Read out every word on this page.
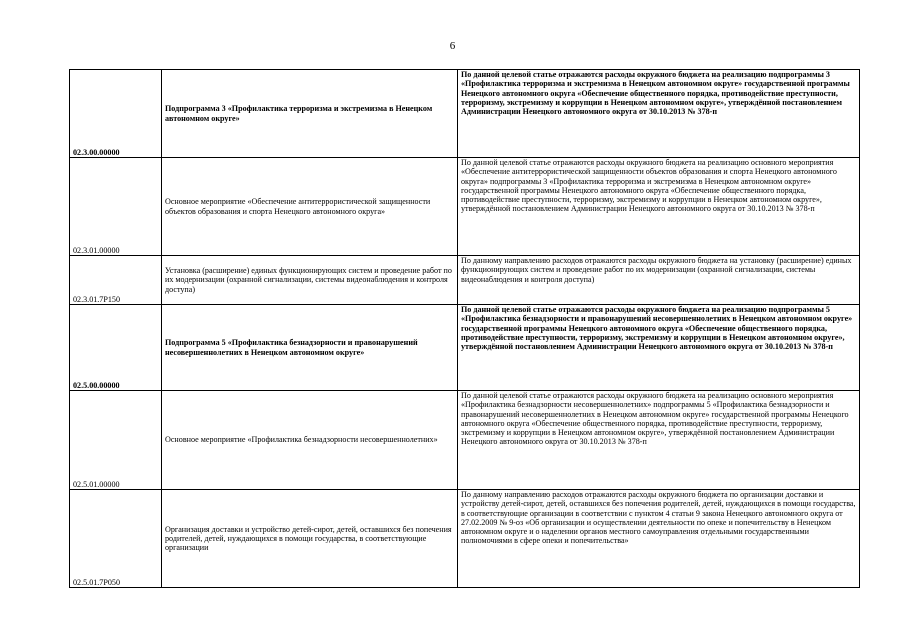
6
02.3.00.00000	Подпрограмма 3 «Профилактика терроризма и экстремизма в Ненецком автономном округе»	По данной целевой статье отражаются расходы окружного бюджета на реализацию подпрограммы 3 «Профилактика терроризма и экстремизма в Ненецком автономном округе» государственной программы Ненецкого автономного округа «Обеспечение общественного порядка, противодействие преступности, терроризму, экстремизму и коррупции в Ненецком автономном округе», утверждённой постановлением Администрации Ненецкого автономного округа от 30.10.2013 № 378-п
02.3.01.00000	Основное мероприятие «Обеспечение антитеррористической защищенности объектов образования и спорта Ненецкого автономного округа»	По данной целевой статье отражаются расходы окружного бюджета на реализацию основного мероприятия «Обеспечение антитеррористической защищенности объектов образования и спорта Ненецкого автономного округа» подпрограммы 3 «Профилактика терроризма и экстремизма в Ненецком автономном округе» государственной программы Ненецкого автономного округа «Обеспечение общественного порядка, противодействие преступности, терроризму, экстремизму и коррупции в Ненецком автономном округе», утверждённой постановлением Администрации Ненецкого автономного округа от 30.10.2013 № 378-п
02.3.01.7Р150	Установка (расширение) единых функционирующих систем и проведение работ по их модернизации (охранной сигнализации, системы видеонаблюдения и контроля доступа)	По данному направлению расходов отражаются расходы окружного бюджета на установку (расширение) единых функционирующих систем и проведение работ по их модернизации (охранной сигнализации, системы видеонаблюдения и контроля доступа)
02.5.00.00000	Подпрограмма 5 «Профилактика безнадзорности и правонарушений несовершеннолетних в Ненецком автономном округе»	По данной целевой статье отражаются расходы окружного бюджета на реализацию подпрограммы 5 «Профилактика безнадзорности и правонарушений несовершеннолетних в Ненецком автономном округе» государственной программы Ненецкого автономного округа «Обеспечение общественного порядка, противодействие преступности, терроризму, экстремизму и коррупции в Ненецком автономном округе», утверждённой постановлением Администрации Ненецкого автономного округа от 30.10.2013 № 378-п
02.5.01.00000	Основное мероприятие «Профилактика безнадзорности несовершеннолетних»	По данной целевой статье отражаются расходы окружного бюджета на реализацию основного мероприятия «Профилактика безнадзорности несовершеннолетних» подпрограммы 5 «Профилактика безнадзорности и правонарушений несовершеннолетних в Ненецком автономном округе» государственной программы Ненецкого автономного округа «Обеспечение общественного порядка, противодействие преступности, терроризму, экстремизму и коррупции в Ненецком автономном округе», утверждённой постановлением Администрации Ненецкого автономного округа от 30.10.2013 № 378-п
02.5.01.7Р050	Организация доставки и устройство детей-сирот, детей, оставшихся без попечения родителей, детей, нуждающихся в помощи государства, в соответствующие организации	По данному направлению расходов отражаются расходы окружного бюджета по организации доставки и устройству детей-сирот, детей, оставшихся без попечения родителей, детей, нуждающихся в помощи государства, в соответствующие организации в соответствии с пунктом 4 статьи 9 закона Ненецкого автономного округа от 27.02.2009 № 9-оз «Об организации и осуществлении деятельности по опеке и попечительству в Ненецком автономном округе и о наделении органов местного самоуправления отдельными государственными полномочиями в сфере опеки и попечительства»
